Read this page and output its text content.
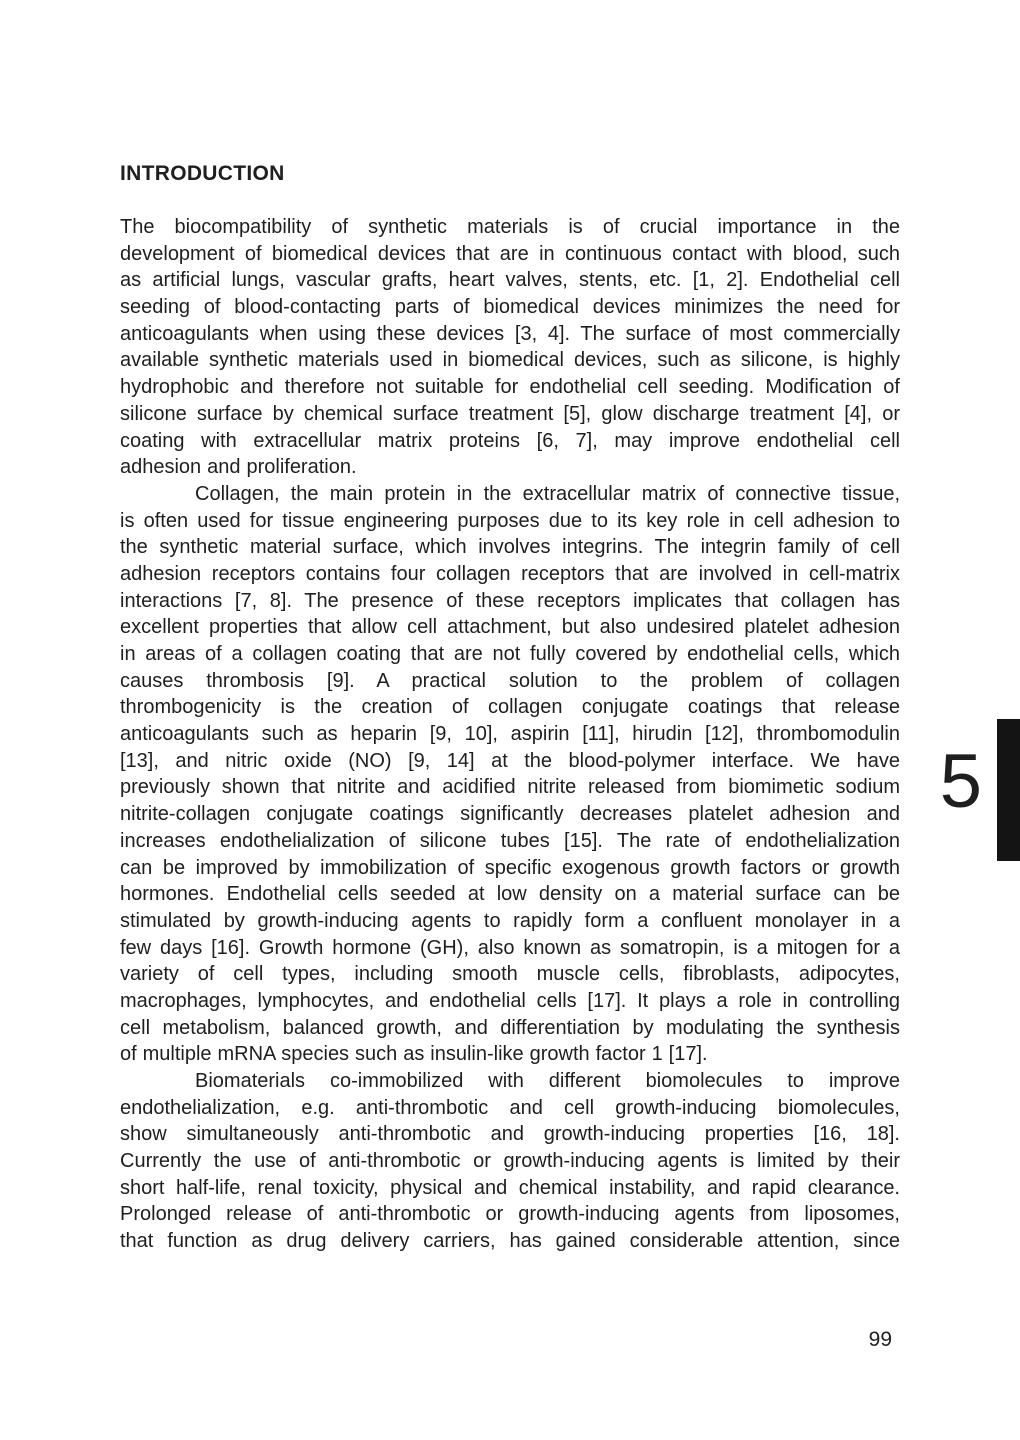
INTRODUCTION
The biocompatibility of synthetic materials is of crucial importance in the
development of biomedical devices that are in continuous contact with blood, such
as artificial lungs, vascular grafts, heart valves, stents, etc. [1, 2]. Endothelial cell
seeding of blood-contacting parts of biomedical devices minimizes the need for
anticoagulants when using these devices [3, 4]. The surface of most commercially
available synthetic materials used in biomedical devices, such as silicone, is highly
hydrophobic and therefore not suitable for endothelial cell seeding. Modification of
silicone surface by chemical surface treatment [5], glow discharge treatment [4], or
coating with extracellular matrix proteins [6, 7], may improve endothelial cell
adhesion and proliferation.
Collagen, the main protein in the extracellular matrix of connective tissue,
is often used for tissue engineering purposes due to its key role in cell adhesion to
the synthetic material surface, which involves integrins. The integrin family of cell
adhesion receptors contains four collagen receptors that are involved in cell-matrix
interactions [7, 8]. The presence of these receptors implicates that collagen has
excellent properties that allow cell attachment, but also undesired platelet adhesion
in areas of a collagen coating that are not fully covered by endothelial cells, which
causes thrombosis [9]. A practical solution to the problem of collagen
thrombogenicity is the creation of collagen conjugate coatings that release
anticoagulants such as heparin [9, 10], aspirin [11], hirudin [12], thrombomodulin
[13], and nitric oxide (NO) [9, 14] at the blood-polymer interface. We have
previously shown that nitrite and acidified nitrite released from biomimetic sodium
nitrite-collagen conjugate coatings significantly decreases platelet adhesion and
increases endothelialization of silicone tubes [15]. The rate of endothelialization
can be improved by immobilization of specific exogenous growth factors or growth
hormones. Endothelial cells seeded at low density on a material surface can be
stimulated by growth-inducing agents to rapidly form a confluent monolayer in a
few days [16]. Growth hormone (GH), also known as somatropin, is a mitogen for a
variety of cell types, including smooth muscle cells, fibroblasts, adipocytes,
macrophages, lymphocytes, and endothelial cells [17]. It plays a role in controlling
cell metabolism, balanced growth, and differentiation by modulating the synthesis
of multiple mRNA species such as insulin-like growth factor 1 [17].
Biomaterials co-immobilized with different biomolecules to improve
endothelialization, e.g. anti-thrombotic and cell growth-inducing biomolecules,
show simultaneously anti-thrombotic and growth-inducing properties [16, 18].
Currently the use of anti-thrombotic or growth-inducing agents is limited by their
short half-life, renal toxicity, physical and chemical instability, and rapid clearance.
Prolonged release of anti-thrombotic or growth-inducing agents from liposomes,
that function as drug delivery carriers, has gained considerable attention, since
5
99
